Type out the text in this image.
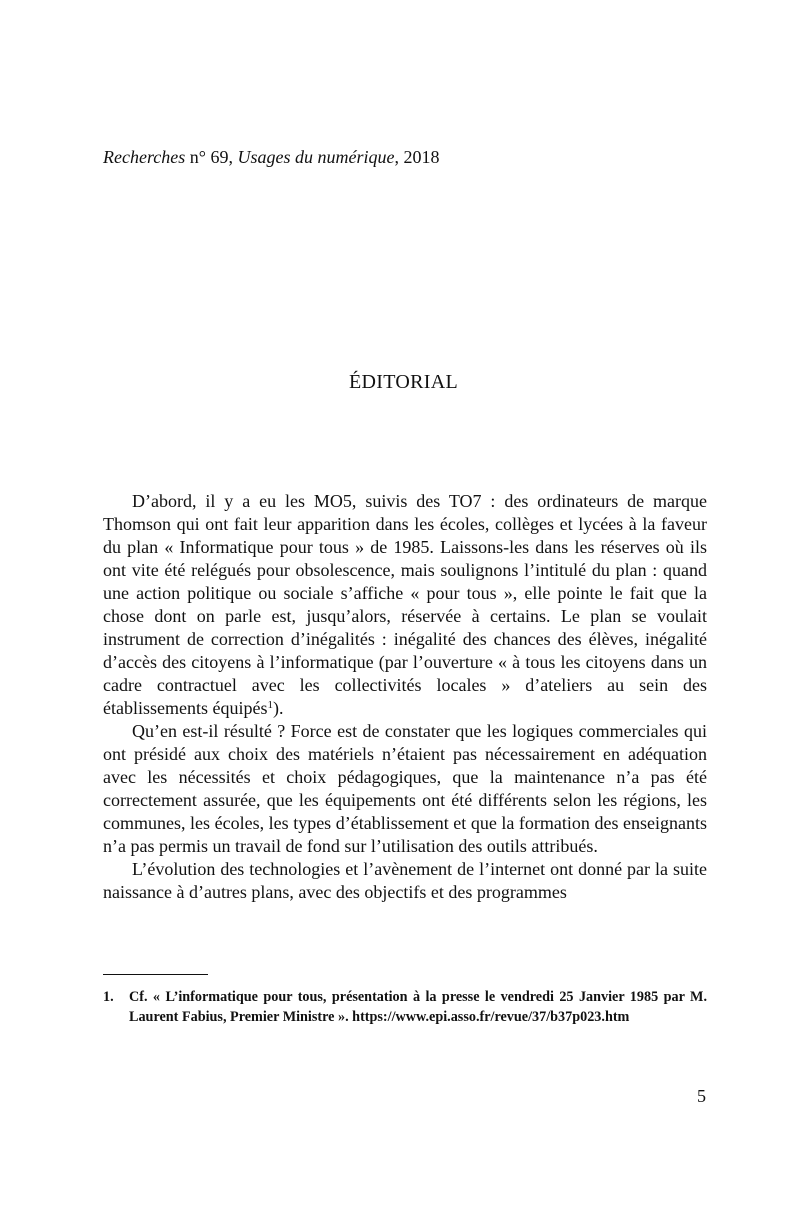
Recherches n° 69, Usages du numérique, 2018
ÉDITORIAL

D’abord, il y a eu les MO5, suivis des TO7 : des ordinateurs de marque Thomson qui ont fait leur apparition dans les écoles, collèges et lycées à la faveur du plan « Informatique pour tous » de 1985. Laissons-les dans les réserves où ils ont vite été relégués pour obsolescence, mais soulignons l’intitulé du plan : quand une action politique ou sociale s’affiche « pour tous », elle pointe le fait que la chose dont on parle est, jusqu’alors, réservée à certains. Le plan se voulait instrument de correction d’inégalités : inégalité des chances des élèves, inégalité d’accès des citoyens à l’informatique (par l’ouverture « à tous les citoyens dans un cadre contractuel avec les collectivités locales » d’ateliers au sein des établissements équipés$^1$).

Qu’en est-il résulté ? Force est de constater que les logiques commerciales qui ont présidé aux choix des matériels n’étaient pas nécessairement en adéquation avec les nécessités et choix pédagogiques, que la maintenance n’a pas été correctement assurée, que les équipements ont été différents selon les régions, les communes, les écoles, les types d’établissement et que la formation des enseignants n’a pas permis un travail de fond sur l’utilisation des outils attribués.

L’évolution des technologies et l’avènement de l’internet ont donné par la suite naissance à d’autres plans, avec des objectifs et des programmes

1.	Cf. « L’informatique pour tous, présentation à la presse le vendredi 25 Janvier 1985 par M. Laurent Fabius, Premier Ministre ». https://www.epi.asso.fr/revue/37/b37p023.htm
5
